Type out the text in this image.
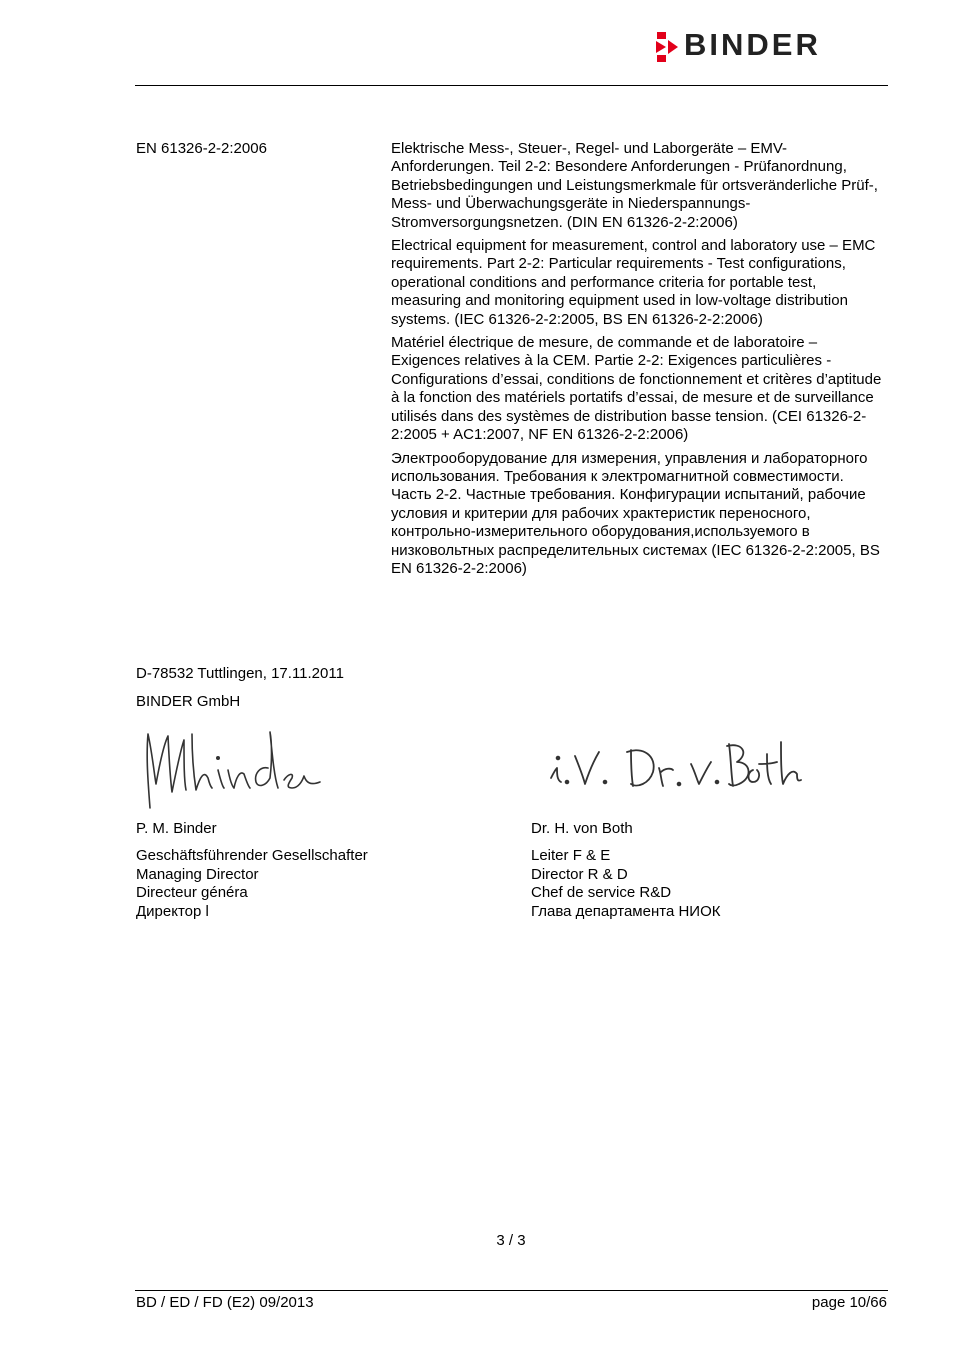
BINDER
EN 61326-2-2:2006	Elektrische Mess-, Steuer-, Regel- und Laborgeräte – EMV-Anforderungen. Teil 2-2: Besondere Anforderungen - Prüfanordnung, Betriebsbedingungen und Leistungsmerkmale für ortsveränderliche Prüf-, Mess- und Überwachungsgeräte in Niederspannungs-Stromversorgungsnetzen. (DIN EN 61326-2-2:2006)

Electrical equipment for measurement, control and laboratory use – EMC requirements. Part 2-2: Particular requirements - Test configurations, operational conditions and performance criteria for portable test, measuring and monitoring equipment used in low-voltage distribution systems. (IEC 61326-2-2:2005, BS EN 61326-2-2:2006)

Matériel électrique de mesure, de commande et de laboratoire – Exigences relatives à la CEM. Partie 2-2: Exigences particulières - Configurations d’essai, conditions de fonctionnement et critères d’aptitude à la fonction des matériels portatifs d’essai, de mesure et de surveillance utilisés dans des systèmes de distribution basse tension. (CEI 61326-2-2:2005 + AC1:2007, NF EN 61326-2-2:2006)

Электрооборудование для измерения, управления и лабораторного использования. Требования к электромагнитной совместимости. Часть 2-2. Частные требования. Конфигурации испытаний, рабочие условия и критерии для рабочих храктеристик переносного, контрольно-измерительного оборудования,используемого в низковольтных распределительных системах (IEC 61326-2-2:2005, BS EN 61326-2-2:2006)

D-78532 Tuttlingen, 17.11.2011
BINDER GmbH
P. M. Binder
Geschäftsführender Gesellschafter
Managing Director
Directeur généra
Директор l
Dr. H. von Both
Leiter F & E
Director R & D
Chef de service R&D
Глава департамента НИОК
3 / 3
BD / ED / FD (E2) 09/2013	page 10/66
